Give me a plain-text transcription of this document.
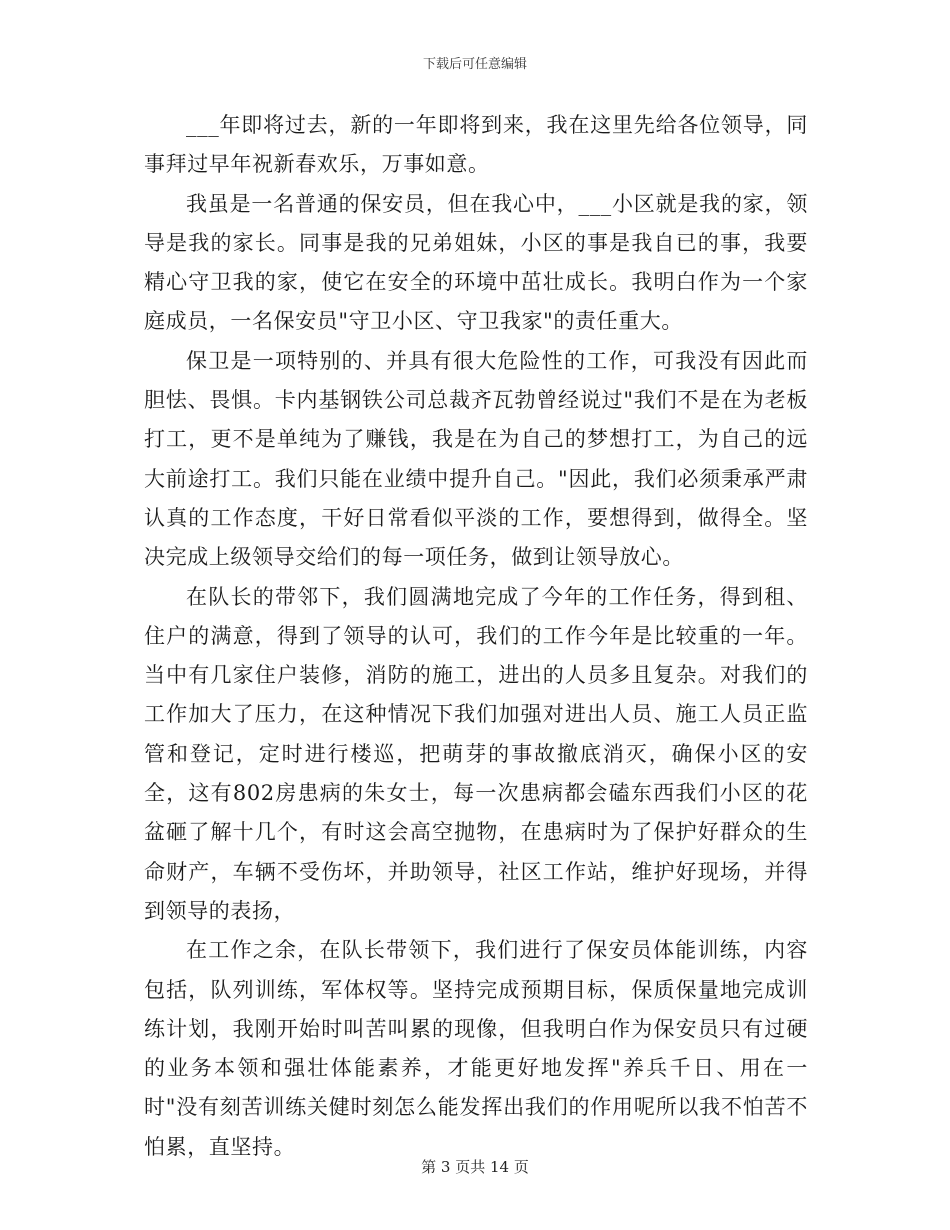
下载后可任意编辑

___年即将过去，新的一年即将到来，我在这里先给各位领导，同事拜过早年祝新春欢乐，万事如意。

我虽是一名普通的保安员，但在我心中，___小区就是我的家，领导是我的家长。同事是我的兄弟姐妹，小区的事是我自已的事，我要精心守卫我的家，使它在安全的环境中茁壮成长。我明白作为一个家庭成员，一名保安员"守卫小区、守卫我家"的责任重大。

保卫是一项特别的、并具有很大危险性的工作，可我没有因此而胆怯、畏惧。卡内基钢铁公司总裁齐瓦勃曾经说过"我们不是在为老板打工，更不是单纯为了赚钱，我是在为自己的梦想打工，为自己的远大前途打工。我们只能在业绩中提升自己。"因此，我们必须秉承严肃认真的工作态度，干好日常看似平淡的工作，要想得到，做得全。坚决完成上级领导交给们的每一项任务，做到让领导放心。

在队长的带邻下，我们圆满地完成了今年的工作任务，得到租、住户的满意，得到了领导的认可，我们的工作今年是比较重的一年。当中有几家住户装修，消防的施工，进出的人员多且复杂。对我们的工作加大了压力，在这种情况下我们加强对进出人员、施工人员正监管和登记，定时进行楼巡，把萌芽的事故撤底消灭，确保小区的安全，这有802房患病的朱女士，每一次患病都会磕东西我们小区的花盆砸了解十几个，有时这会高空抛物，在患病时为了保护好群众的生命财产，车辆不受伤坏，并助领导，社区工作站，维护好现场，并得到领导的表扬，

在工作之余，在队长带领下，我们进行了保安员体能训练，内容包括，队列训练，军体权等。坚持完成预期目标，保质保量地完成训练计划，我刚开始时叫苦叫累的现像，但我明白作为保安员只有过硬的业务本领和强壮体能素养，才能更好地发挥"养兵千日、用在一时"没有刻苦训练关健时刻怎么能发挥出我们的作用呢所以我不怕苦不怕累，直坚持。

第 3 页共 14 页
